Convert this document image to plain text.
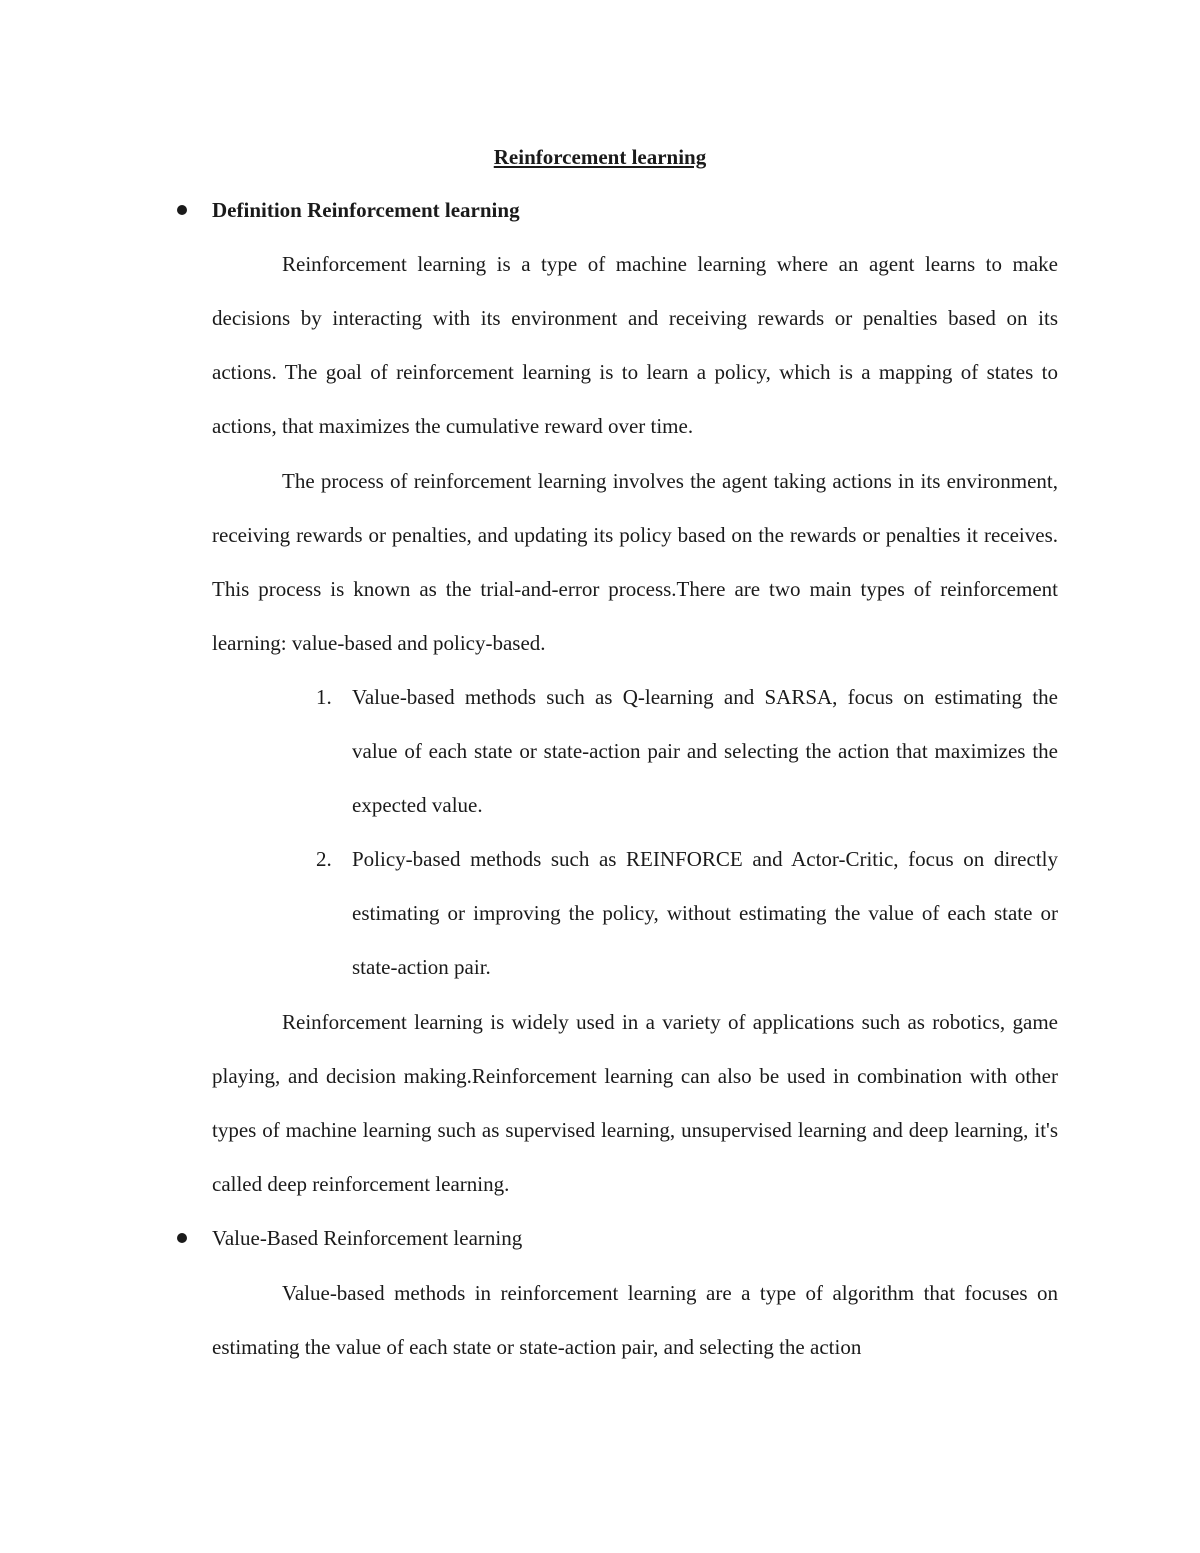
Reinforcement learning

Definition Reinforcement learning

Reinforcement learning is a type of machine learning where an agent learns to make decisions by interacting with its environment and receiving rewards or penalties based on its actions. The goal of reinforcement learning is to learn a policy, which is a mapping of states to actions, that maximizes the cumulative reward over time.

The process of reinforcement learning involves the agent taking actions in its environment, receiving rewards or penalties, and updating its policy based on the rewards or penalties it receives. This process is known as the trial-and-error process.There are two main types of reinforcement learning: value-based and policy-based.

1. Value-based methods such as Q-learning and SARSA, focus on estimating the value of each state or state-action pair and selecting the action that maximizes the expected value.

2. Policy-based methods such as REINFORCE and Actor-Critic, focus on directly estimating or improving the policy, without estimating the value of each state or state-action pair.

Reinforcement learning is widely used in a variety of applications such as robotics, game playing, and decision making.Reinforcement learning can also be used in combination with other types of machine learning such as supervised learning, unsupervised learning and deep learning, it's called deep reinforcement learning.

Value-Based Reinforcement learning

Value-based methods in reinforcement learning are a type of algorithm that focuses on estimating the value of each state or state-action pair, and selecting the action
